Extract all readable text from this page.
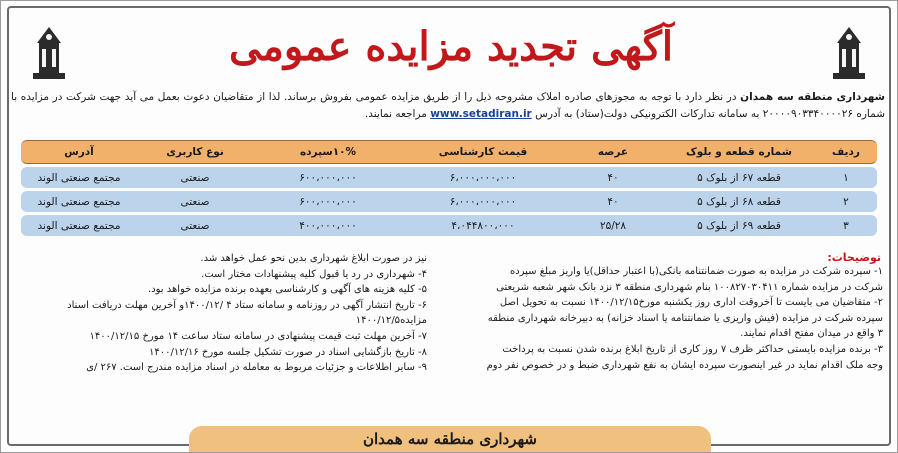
آگهی تجدید مزایده عمومی
شهرداری منطقه سه همدان در نظر دارد با توجه به مجوزهای صادره املاک مشروحه ذیل را از طریق مزایده عمومی بفروش برساند. لذا از متقاضیان دعوت بعمل می آید جهت شرکت در مزایده با شماره ۲۰۰۰۰۹۰۳۳۴۰۰۰۰۲۶ به سامانه تدارکات الکترونیکی دولت(ستاد) به آدرس www.setadiran.ir مراجعه نمایند.
ردیف	شماره قطعه و بلوک	عرصه	قیمت کارشناسی	۱۰%سپرده	نوع کاربری	آدرس
۱	قطعه ۶۷ از بلوک ۵	۴۰	۶،۰۰۰،۰۰۰،۰۰۰	۶۰۰،۰۰۰،۰۰۰	صنعتی	مجتمع صنعتی الوند
۲	قطعه ۶۸ از بلوک ۵	۴۰	۶،۰۰۰،۰۰۰،۰۰۰	۶۰۰،۰۰۰،۰۰۰	صنعتی	مجتمع صنعتی الوند
۳	قطعه ۶۹ از بلوک ۵	۲۵/۲۸	۴،۰۴۴۸۰۰،۰۰۰	۴۰۰،۰۰۰،۰۰۰	صنعتی	مجتمع صنعتی الوند
توضیحات:
۱- سپرده شرکت در مزایده به صورت ضمانتنامه بانکی(با اعتبار حداقل)یا واریز مبلغ سپرده
شرکت در مزایده شماره ۱۰۰۸۲۷۰۳۰۴۱۱ بنام شهرداری منطقه ۳ نزد بانک شهر شعبه شریعتی
۲- متقاضیان می بایست تا آخروقت اداری روز یکشنبه مورخ۱۴۰۰/۱۲/۱۵ نسبت به تحویل اصل
سپرده شرکت در مزایده (فیش واریزی یا ضمانتنامه یا اسناد خزانه) به دبیرخانه شهرداری منطقه
۳ واقع در میدان مفتح اقدام نمایند.
۳- برنده مزایده بایستی حداکثر ظرف ۷ روز کاری از تاریخ ابلاغ برنده شدن نسبت به پرداخت
وجه ملک اقدام نماید در غیر اینصورت سپرده ایشان به نفع شهرداری ضبط و در خصوص نفر دوم
نیز در صورت ابلاغ شهرداری بدین نحو عمل خواهد شد.
۴- شهرداری در رد یا قبول کلیه پیشنهادات مختار است.
۵- کلیه هزینه های آگهی و کارشناسی بعهده برنده مزایده خواهد بود.
۶- تاریخ انتشار آگهی در روزنامه و سامانه ستاد ۴ /۱۴۰۰/۱۲و آخرین مهلت دریافت اسناد
مزایده۱۴۰۰/۱۲/۵
۷- آخرین مهلت ثبت قیمت پیشنهادی در سامانه ستاد ساعت ۱۴ مورخ ۱۴۰۰/۱۲/۱۵
۸- تاریخ بازگشایی اسناد در صورت تشکیل جلسه مورخ ۱۴۰۰/۱۲/۱۶
۹- سایر اطلاعات و جزئیات مربوط به معامله در اسناد مزایده مندرج است. ۲۶۷ /ی
شهرداری منطقه سه همدان
